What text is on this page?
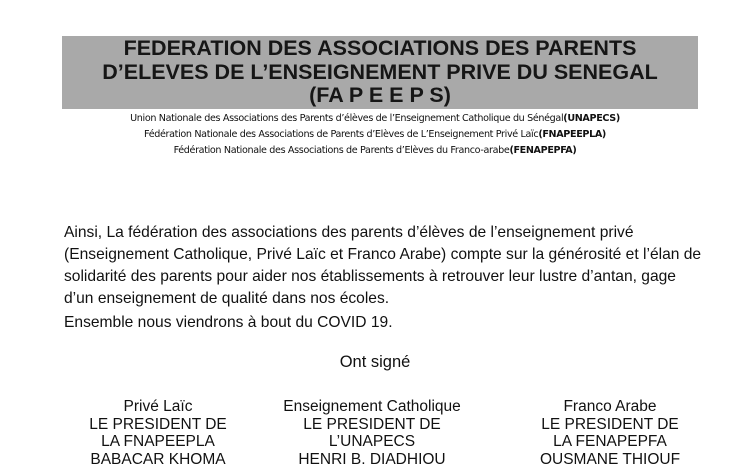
FEDERATION DES ASSOCIATIONS DES PARENTS
D’ELEVES DE L’ENSEIGNEMENT PRIVE DU SENEGAL
(FA P E E P S)
Union Nationale des Associations des Parents d’élèves de l’Enseignement Catholique du Sénégal(UNAPECS)
Fédération Nationale des Associations de Parents d’Elèves de L’Enseignement Privé Laïc(FNAPEEPLA)
Fédération Nationale des Associations de Parents d’Elèves du Franco-arabe(FENAPEPFA)
Ainsi, La fédération des associations des parents d’élèves de l’enseignement privé (Enseignement Catholique, Privé Laïc et Franco Arabe) compte sur la générosité et l’élan de solidarité des parents pour aider nos établissements à retrouver leur lustre d’antan, gage d’un enseignement de qualité dans nos écoles.
Ensemble nous viendrons à bout du COVID 19.
Ont signé
Privé Laïc
LE PRESIDENT DE
LA FNAPEEPLA
BABACAR KHOMA
Enseignement Catholique
LE PRESIDENT DE
L’UNAPECS
HENRI B. DIADHIOU
Franco Arabe
LE PRESIDENT DE
LA FENAPEPFA
OUSMANE THIOUF
